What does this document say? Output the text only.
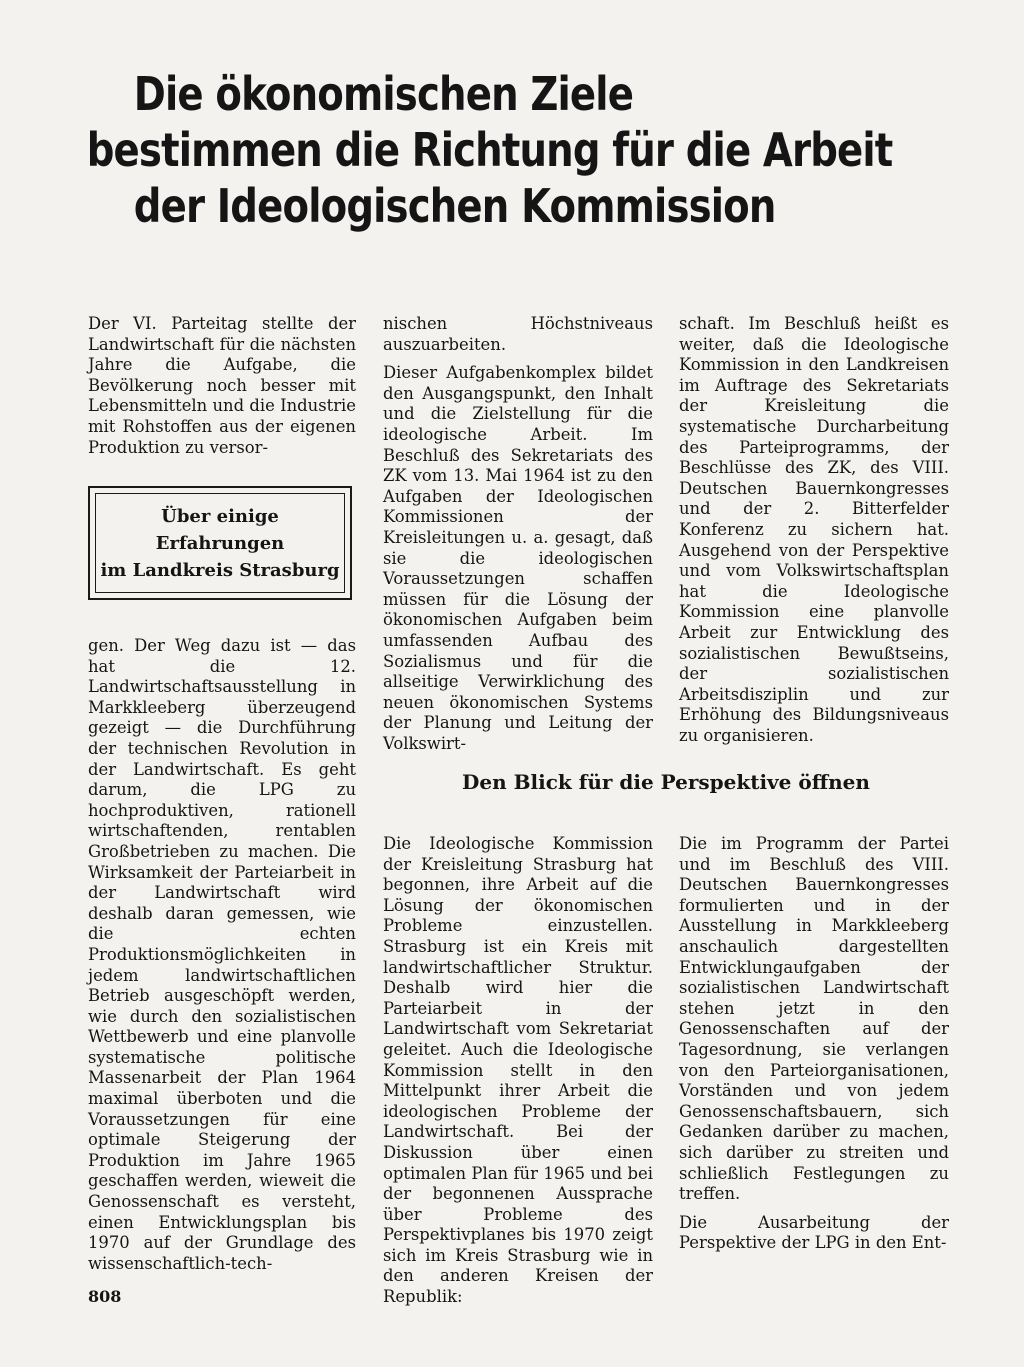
Die ökonomischen Ziele
bestimmen die Richtung für die Arbeit
der Ideologischen Kommission

Der VI. Parteitag stellte der Landwirtschaft für die nächsten Jahre die Aufgabe, die Bevölkerung noch besser mit Lebensmitteln und die Industrie mit Rohstoffen aus der eigenen Produktion zu versor-

Über einige
Erfahrungen
im Landkreis Strasburg

gen. Der Weg dazu ist — das hat die 12. Landwirtschaftsausstellung in Markkleeberg überzeugend gezeigt — die Durchführung der technischen Revolution in der Landwirtschaft. Es geht darum, die LPG zu hochproduktiven, rationell wirtschaftenden, rentablen Großbetrieben zu machen. Die Wirksamkeit der Parteiarbeit in der Landwirtschaft wird deshalb daran gemessen, wie die echten Produktionsmöglichkeiten in jedem landwirtschaftlichen Betrieb ausgeschöpft werden, wie durch den sozialistischen Wettbewerb und eine planvolle systematische politische Massenarbeit der Plan 1964 maximal überboten und die Voraussetzungen für eine optimale Steigerung der Produktion im Jahre 1965 geschaffen werden, wieweit die Genossenschaft es versteht, einen Entwicklungsplan bis 1970 auf der Grundlage des wissenschaftlich-tech-

nischen Höchstniveaus auszuarbeiten.

Dieser Aufgabenkomplex bildet den Ausgangspunkt, den Inhalt und die Zielstellung für die ideologische Arbeit. Im Beschluß des Sekretariats des ZK vom 13. Mai 1964 ist zu den Aufgaben der Ideologischen Kommissionen der Kreisleitungen u. a. gesagt, daß sie die ideologischen Voraussetzungen schaffen müssen für die Lösung der ökonomischen Aufgaben beim umfassenden Aufbau des Sozialismus und für die allseitige Verwirklichung des neuen ökonomischen Systems der Planung und Leitung der Volkswirt-

schaft. Im Beschluß heißt es weiter, daß die Ideologische Kommission in den Landkreisen im Auftrage des Sekretariats der Kreisleitung die systematische Durcharbeitung des Parteiprogramms, der Beschlüsse des ZK, des VIII. Deutschen Bauernkongresses und der 2. Bitterfelder Konferenz zu sichern hat. Ausgehend von der Perspektive und vom Volkswirtschaftsplan hat die Ideologische Kommission eine planvolle Arbeit zur Entwicklung des sozialistischen Bewußtseins, der sozialistischen Arbeitsdisziplin und zur Erhöhung des Bildungsniveaus zu organisieren.

Den Blick für die Perspektive öffnen

Die Ideologische Kommission der Kreisleitung Strasburg hat begonnen, ihre Arbeit auf die Lösung der ökonomischen Probleme einzustellen. Strasburg ist ein Kreis mit landwirtschaftlicher Struktur. Deshalb wird hier die Parteiarbeit in der Landwirtschaft vom Sekretariat geleitet. Auch die Ideologische Kommission stellt in den Mittelpunkt ihrer Arbeit die ideologischen Probleme der Landwirtschaft. Bei der Diskussion über einen optimalen Plan für 1965 und bei der begonnenen Aussprache über Probleme des Perspektivplanes bis 1970 zeigt sich im Kreis Strasburg wie in den anderen Kreisen der Republik:

Die im Programm der Partei und im Beschluß des VIII. Deutschen Bauernkongresses formulierten und in der Ausstellung in Markkleeberg anschaulich dargestellten Entwicklungaufgaben der sozialistischen Landwirtschaft stehen jetzt in den Genossenschaften auf der Tagesordnung, sie verlangen von den Parteiorganisationen, Vorständen und von jedem Genossenschaftsbauern, sich Gedanken darüber zu machen, sich darüber zu streiten und schließlich Festlegungen zu treffen.

Die Ausarbeitung der Perspektive der LPG in den Ent-

808
